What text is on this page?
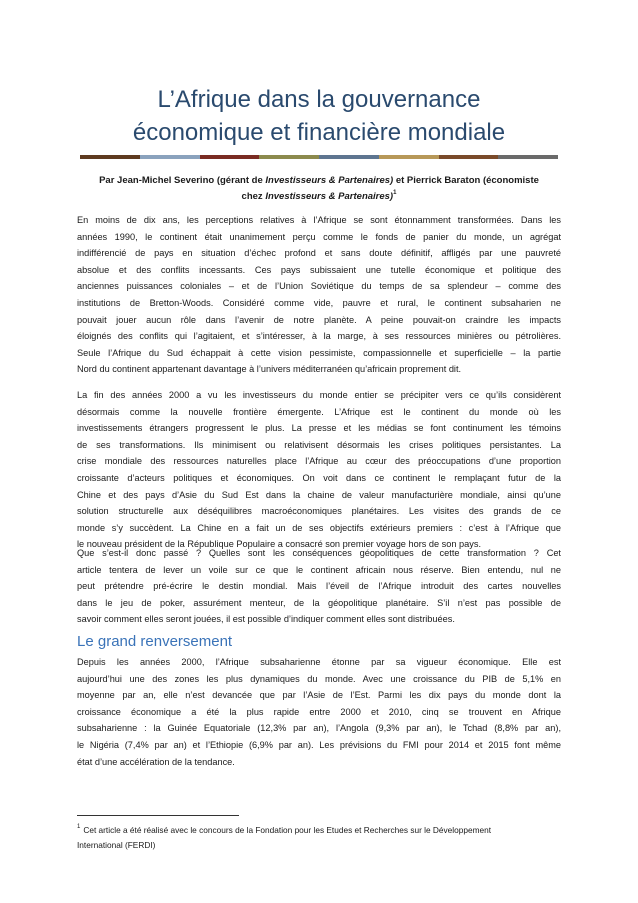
L’Afrique dans la gouvernance
économique et financière mondiale
Par Jean-Michel Severino (gérant de Investisseurs & Partenaires) et Pierrick Baraton (économiste
chez Investisseurs & Partenaires)$^1$
En moins de dix ans, les perceptions relatives à l’Afrique se sont étonnamment transformées. Dans les
années 1990, le continent était unanimement perçu comme le fonds de panier du monde, un agrégat
indifférencié de pays en situation d’échec profond et sans doute définitif, affligés par une pauvreté
absolue et des conflits incessants. Ces pays subissaient une tutelle économique et politique des
anciennes puissances coloniales – et de l’Union Soviétique du temps de sa splendeur – comme des
institutions de Bretton-Woods. Considéré comme vide, pauvre et rural, le continent subsaharien ne
pouvait jouer aucun rôle dans l’avenir de notre planète. A peine pouvait-on craindre les impacts
éloignés des conflits qui l’agitaient, et s’intéresser, à la marge, à ses ressources minières ou pétrolières.
Seule l’Afrique du Sud échappait à cette vision pessimiste, compassionnelle et superficielle – la partie
Nord du continent appartenant davantage à l’univers méditerranéen qu’africain proprement dit.
La fin des années 2000 a vu les investisseurs du monde entier se précipiter vers ce qu’ils considèrent
désormais comme la nouvelle frontière émergente. L’Afrique est le continent du monde où les
investissements étrangers progressent le plus. La presse et les médias se font continument les témoins
de ses transformations. Ils minimisent ou relativisent désormais les crises politiques persistantes. La
crise mondiale des ressources naturelles place l’Afrique au cœur des préoccupations d’une proportion
croissante d’acteurs politiques et économiques. On voit dans ce continent le remplaçant futur de la
Chine et des pays d’Asie du Sud Est dans la chaine de valeur manufacturière mondiale, ainsi qu’une
solution structurelle aux déséquilibres macroéconomiques planétaires. Les visites des grands de ce
monde s’y succèdent. La Chine en a fait un de ses objectifs extérieurs premiers : c’est à l’Afrique que
le nouveau président de la République Populaire a consacré son premier voyage hors de son pays.
Que s’est-il donc passé ? Quelles sont les conséquences géopolitiques de cette transformation ? Cet
article tentera de lever un voile sur ce que le continent africain nous réserve. Bien entendu, nul ne
peut prétendre pré-écrire le destin mondial. Mais l’éveil de l’Afrique introduit des cartes nouvelles
dans le jeu de poker, assurément menteur, de la géopolitique planétaire. S’il n’est pas possible de
savoir comment elles seront jouées, il est possible d’indiquer comment elles sont distribuées.
Le grand renversement
Depuis les années 2000, l’Afrique subsaharienne étonne par sa vigueur économique. Elle est
aujourd’hui une des zones les plus dynamiques du monde. Avec une croissance du PIB de 5,1% en
moyenne par an, elle n’est devancée que par l’Asie de l’Est. Parmi les dix pays du monde dont la
croissance économique a été la plus rapide entre 2000 et 2010, cinq se trouvent en Afrique
subsaharienne : la Guinée Equatoriale (12,3% par an), l’Angola (9,3% par an), le Tchad (8,8% par an),
le Nigéria (7,4% par an) et l’Ethiopie (6,9% par an). Les prévisions du FMI pour 2014 et 2015 font même
état d’une accélération de la tendance.
$^1$ Cet article a été réalisé avec le concours de la Fondation pour les Etudes et Recherches sur le Développement
International (FERDI)
